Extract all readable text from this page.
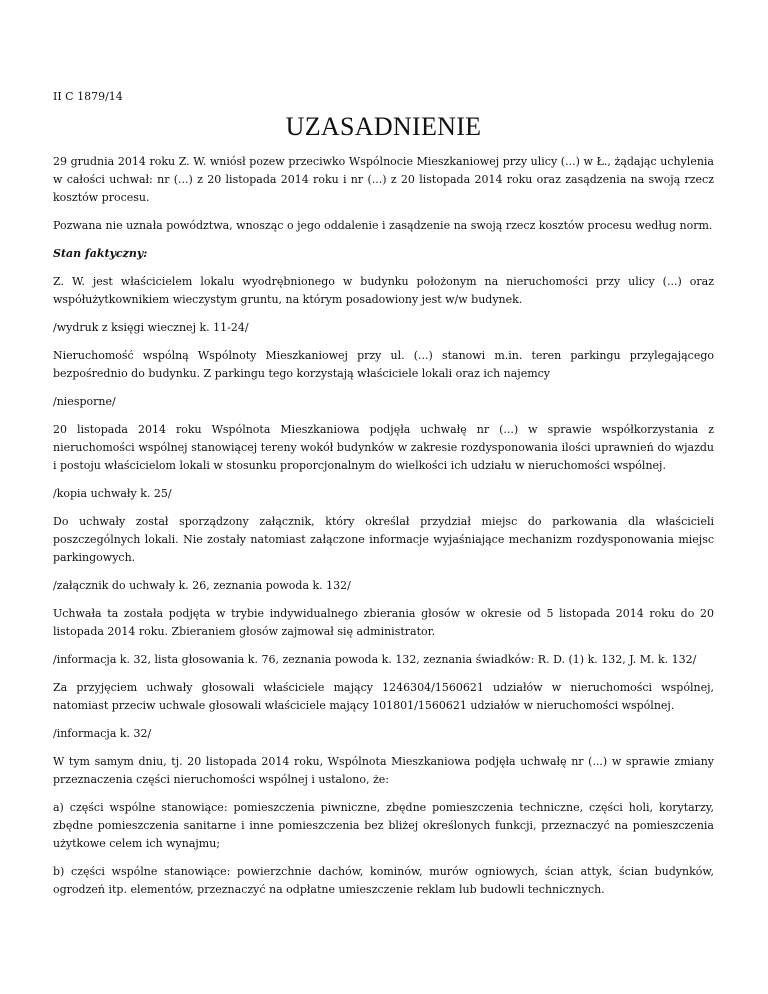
II C 1879/14
UZASADNIENIE

29 grudnia 2014 roku Z. W. wniósł pozew przeciwko Wspólnocie Mieszkaniowej przy ulicy (...) w Ł., żądając uchylenia w całości uchwał: nr (...) z 20 listopada 2014 roku i nr (...) z 20 listopada 2014 roku oraz zasądzenia na swoją rzecz kosztów procesu.

Pozwana nie uznała powództwa, wnosząc o jego oddalenie i zasądzenie na swoją rzecz kosztów procesu według norm.

Stan faktyczny:

Z. W. jest właścicielem lokalu wyodrębnionego w budynku położonym na nieruchomości przy ulicy (...) oraz współużytkownikiem wieczystym gruntu, na którym posadowiony jest w/w budynek.

/wydruk z księgi wiecznej k. 11-24/

Nieruchomość wspólną Wspólnoty Mieszkaniowej przy ul. (...) stanowi m.in. teren parkingu przylegającego bezpośrednio do budynku. Z parkingu tego korzystają właściciele lokali oraz ich najemcy

/niesporne/

20 listopada 2014 roku Wspólnota Mieszkaniowa podjęła uchwałę nr (...) w sprawie współkorzystania z nieruchomości wspólnej stanowiącej tereny wokół budynków w zakresie rozdysponowania ilości uprawnień do wjazdu i postoju właścicielom lokali w stosunku proporcjonalnym do wielkości ich udziału w nieruchomości wspólnej.

/kopia uchwały k. 25/

Do uchwały został sporządzony załącznik, który określał przydział miejsc do parkowania dla właścicieli poszczególnych lokali. Nie zostały natomiast załączone informacje wyjaśniające mechanizm rozdysponowania miejsc parkingowych.

/załącznik do uchwały k. 26, zeznania powoda k. 132/

Uchwała ta została podjęta w trybie indywidualnego zbierania głosów w okresie od 5 listopada 2014 roku do 20 listopada 2014 roku. Zbieraniem głosów zajmował się administrator.

/informacja k. 32, lista głosowania k. 76, zeznania powoda k. 132, zeznania świadków: R. D. (1) k. 132, J. M. k. 132/

Za przyjęciem uchwały głosowali właściciele mający 1246304/1560621 udziałów w nieruchomości wspólnej, natomiast przeciw uchwale głosowali właściciele mający 101801/1560621 udziałów w nieruchomości wspólnej.

/informacja k. 32/

W tym samym dniu, tj. 20 listopada 2014 roku, Wspólnota Mieszkaniowa podjęła uchwałę nr (...) w sprawie zmiany przeznaczenia części nieruchomości wspólnej i ustalono, że:

a) części wspólne stanowiące: pomieszczenia piwniczne, zbędne pomieszczenia techniczne, części holi, korytarzy, zbędne pomieszczenia sanitarne i inne pomieszczenia bez bliżej określonych funkcji, przeznaczyć na pomieszczenia użytkowe celem ich wynajmu;

b) części wspólne stanowiące: powierzchnie dachów, kominów, murów ogniowych, ścian attyk, ścian budynków, ogrodzeń itp. elementów, przeznaczyć na odpłatne umieszczenie reklam lub budowli technicznych.
